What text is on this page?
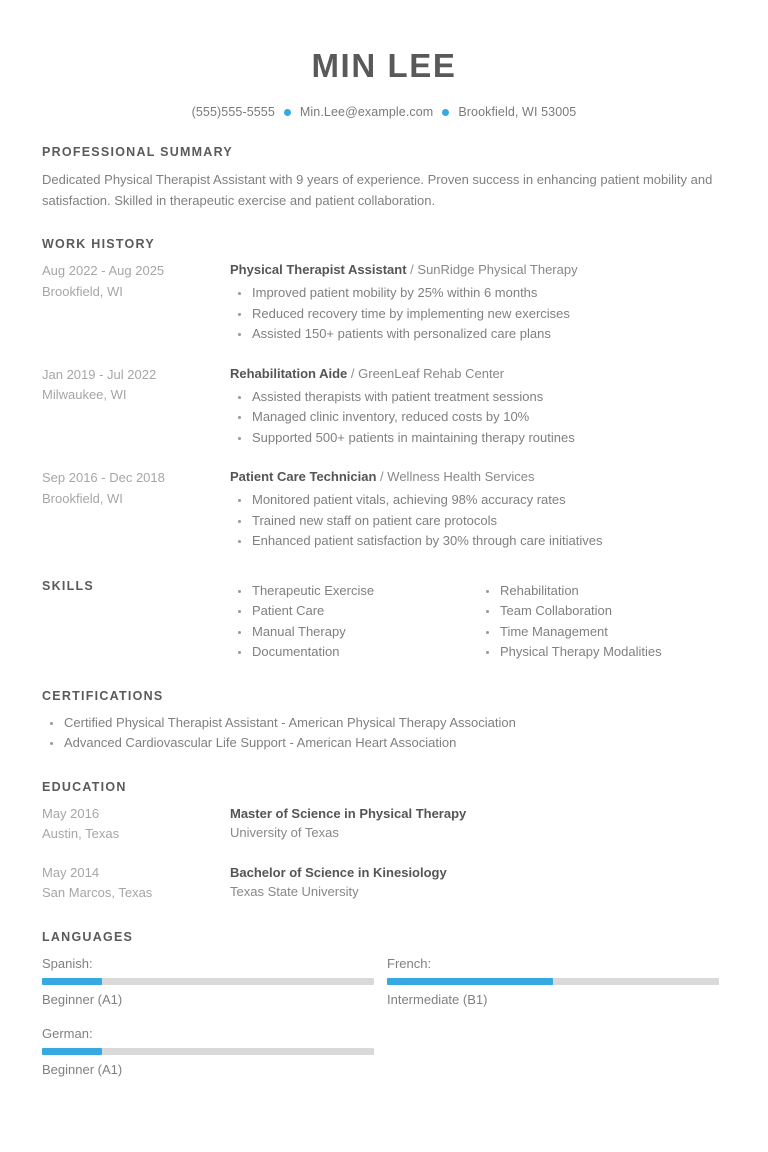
MIN LEE
(555)555-5555 Min.Lee@example.com Brookfield, WI 53005
PROFESSIONAL SUMMARY
Dedicated Physical Therapist Assistant with 9 years of experience. Proven success in enhancing patient mobility and satisfaction. Skilled in therapeutic exercise and patient collaboration.
WORK HISTORY
Aug 2022 - Aug 2025
Brookfield, WI
Physical Therapist Assistant / SunRidge Physical Therapy
Improved patient mobility by 25% within 6 months
Reduced recovery time by implementing new exercises
Assisted 150+ patients with personalized care plans
Jan 2019 - Jul 2022
Milwaukee, WI
Rehabilitation Aide / GreenLeaf Rehab Center
Assisted therapists with patient treatment sessions
Managed clinic inventory, reduced costs by 10%
Supported 500+ patients in maintaining therapy routines
Sep 2016 - Dec 2018
Brookfield, WI
Patient Care Technician / Wellness Health Services
Monitored patient vitals, achieving 98% accuracy rates
Trained new staff on patient care protocols
Enhanced patient satisfaction by 30% through care initiatives
SKILLS	Therapeutic Exercise
Patient Care
Manual Therapy
Documentation
Rehabilitation
Team Collaboration
Time Management
Physical Therapy Modalities
CERTIFICATIONS
Certified Physical Therapist Assistant - American Physical Therapy Association
Advanced Cardiovascular Life Support - American Heart Association
EDUCATION
May 2016
Austin, Texas
Master of Science in Physical Therapy
University of Texas
May 2014
San Marcos, Texas
Bachelor of Science in Kinesiology
Texas State University
LANGUAGES
Spanish:
Beginner (A1)
French:
Intermediate (B1)
German:
Beginner (A1)
